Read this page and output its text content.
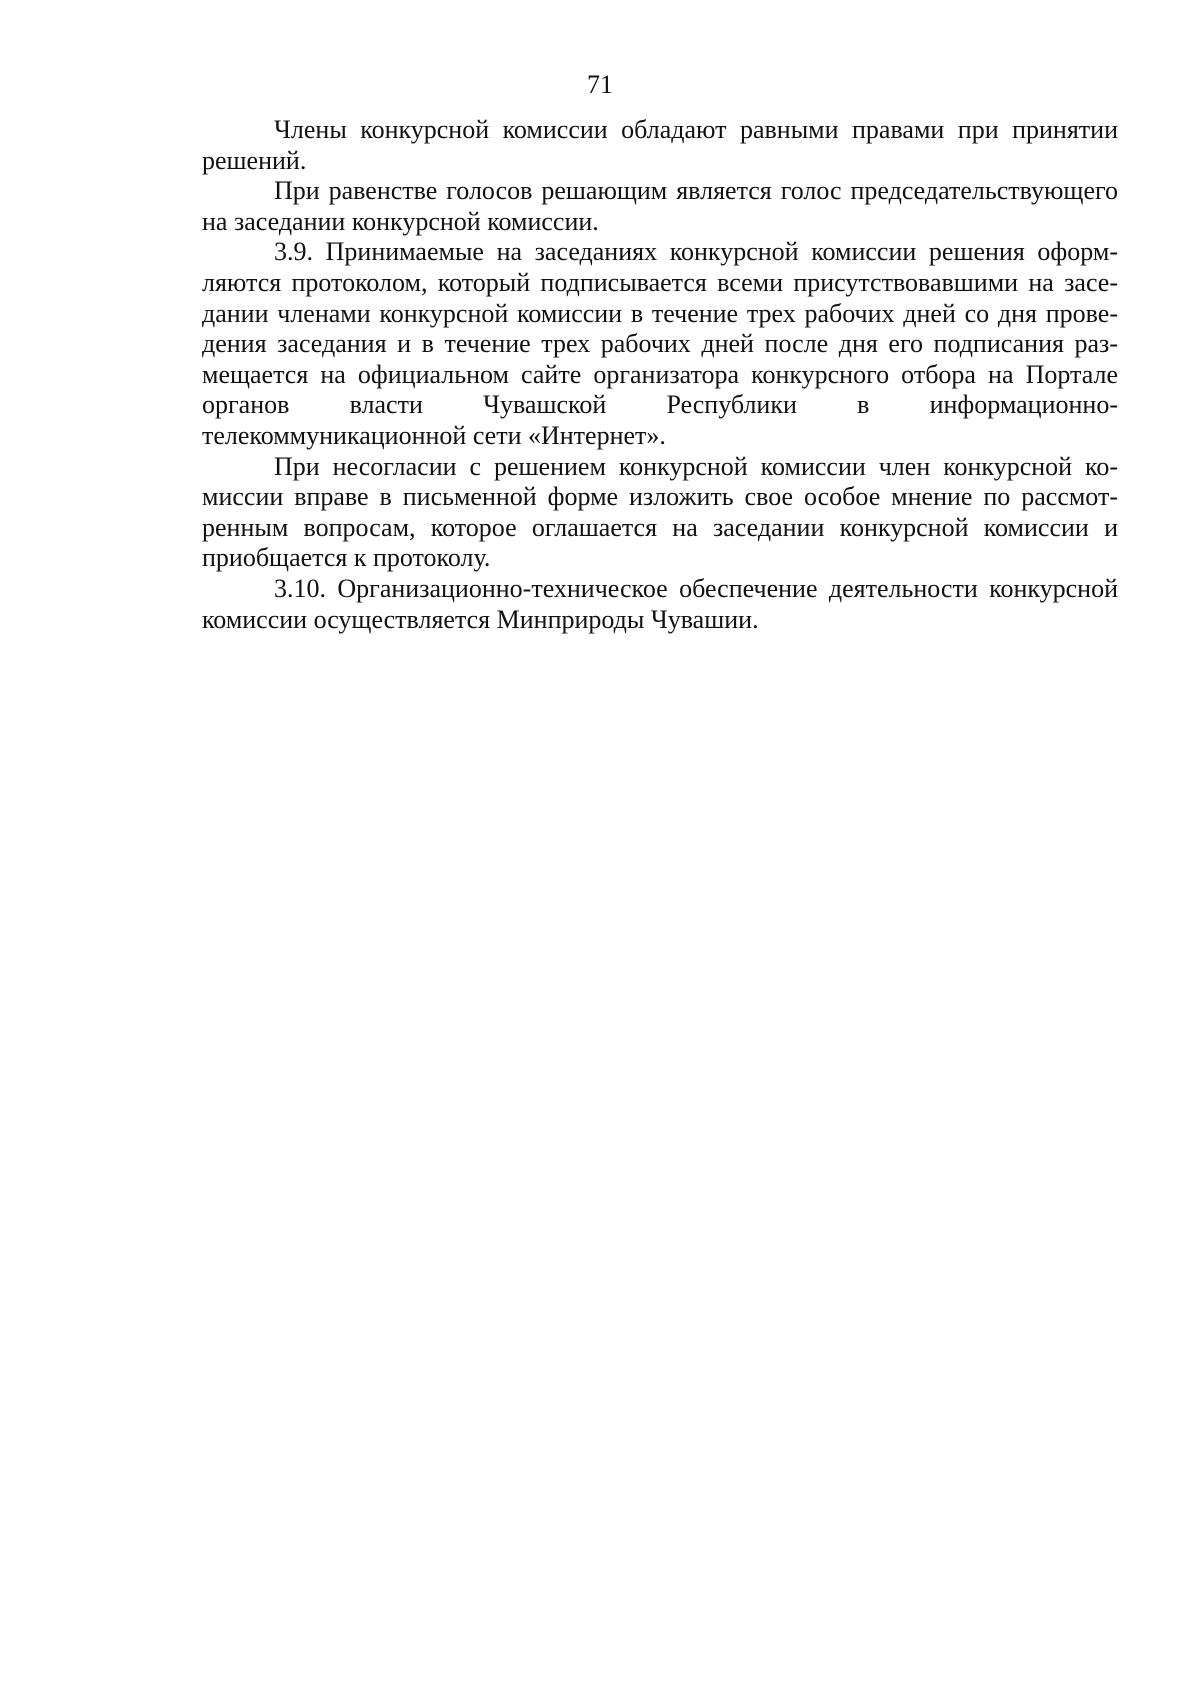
71
Члены конкурсной комиссии обладают равными правами при принятии
решений.
При равенстве голосов решающим является голос председательствующего
на заседании конкурсной комиссии.
3.9. Принимаемые на заседаниях конкурсной комиссии решения оформ-
ляются протоколом, который подписывается всеми присутствовавшими на засе-
дании членами конкурсной комиссии в течение трех рабочих дней со дня прове-
дения заседания и в течение трех рабочих дней после дня его подписания раз-
мещается на официальном сайте организатора конкурсного отбора на Портале
органов власти Чувашской Республики в информационно-
телекоммуникационной сети «Интернет».
При несогласии с решением конкурсной комиссии член конкурсной ко-
миссии вправе в письменной форме изложить свое особое мнение по рассмот-
ренным вопросам, которое оглашается на заседании конкурсной комиссии и
приобщается к протоколу.
3.10. Организационно-техническое обеспечение деятельности конкурсной
комиссии осуществляется Минприроды Чувашии.
